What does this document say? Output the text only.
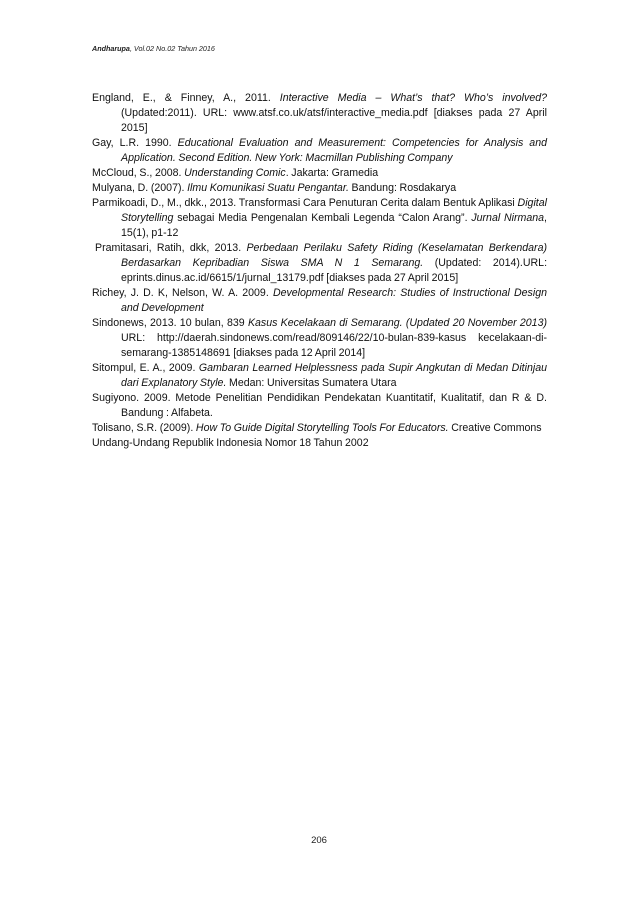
Andharupa, Vol.02 No.02 Tahun 2016

England, E., & Finney, A., 2011. Interactive Media – What’s that? Who’s involved? (Updated:2011). URL: www.atsf.co.uk/atsf/interactive_media.pdf [diakses pada 27 April 2015]

Gay, L.R. 1990. Educational Evaluation and Measurement: Competencies for Analysis and Application. Second Edition. New York: Macmillan Publishing Company

McCloud, S., 2008. Understanding Comic. Jakarta: Gramedia

Mulyana, D. (2007). Ilmu Komunikasi Suatu Pengantar. Bandung: Rosdakarya

Parmikoadi, D., M., dkk., 2013. Transformasi Cara Penuturan Cerita dalam Bentuk Aplikasi Digital Storytelling sebagai Media Pengenalan Kembali Legenda “Calon Arang”. Jurnal Nirmana, 15(1), p1-12

Pramitasari, Ratih, dkk, 2013. Perbedaan Perilaku Safety Riding (Keselamatan Berkendara) Berdasarkan Kepribadian Siswa SMA N 1 Semarang. (Updated: 2014).URL: eprints.dinus.ac.id/6615/1/jurnal_13179.pdf [diakses pada 27 April 2015]

Richey, J. D. K, Nelson, W. A. 2009. Developmental Research: Studies of Instructional Design and Development

Sindonews, 2013. 10 bulan, 839 Kasus Kecelakaan di Semarang. (Updated 20 November 2013) URL: http://daerah.sindonews.com/read/809146/22/10-bulan-839-kasus kecelakaan-di-semarang-1385148691 [diakses pada 12 April 2014]

Sitompul, E. A., 2009. Gambaran Learned Helplessness pada Supir Angkutan di Medan Ditinjau dari Explanatory Style. Medan: Universitas Sumatera Utara

Sugiyono. 2009. Metode Penelitian Pendidikan Pendekatan Kuantitatif, Kualitatif, dan R & D. Bandung : Alfabeta.

Tolisano, S.R. (2009). How To Guide Digital Storytelling Tools For Educators. Creative Commons

Undang-Undang Republik Indonesia Nomor 18 Tahun 2002

206
